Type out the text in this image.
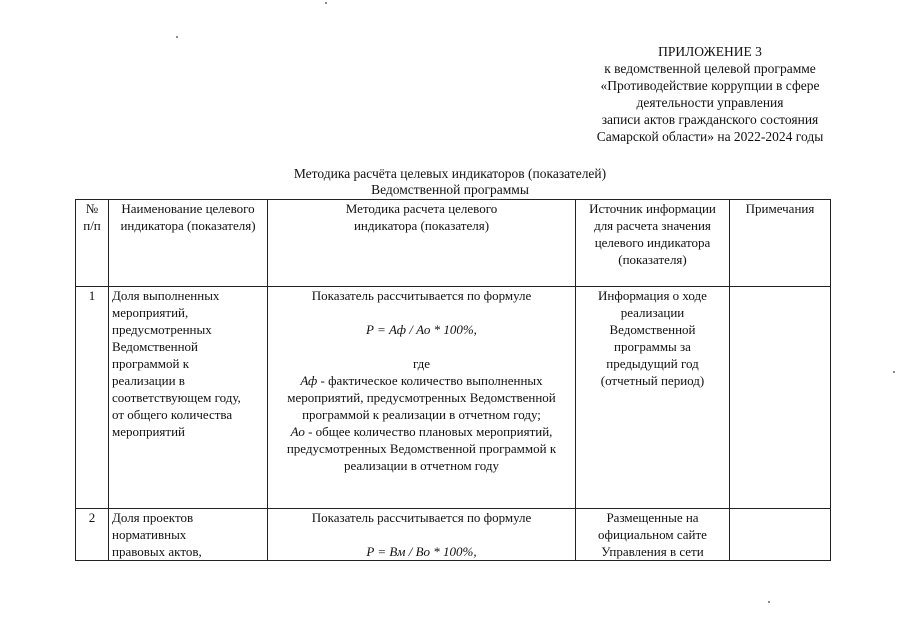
ПРИЛОЖЕНИЕ 3
к ведомственной целевой программе
«Противодействие коррупции в сфере
деятельности управления
записи актов гражданского состояния
Самарской области» на 2022-2024 годы
Методика расчёта целевых индикаторов (показателей)
Ведомственной программы
№ п/п	Наименование целевого индикатора (показателя)	Методика расчета целевого индикатора (показателя)	Источник информации для расчета значения целевого индикатора (показателя)	Примечания
1	Доля выполненных мероприятий, предусмотренных Ведомственной программой к реализации в соответствующем году, от общего количества мероприятий	Показатель рассчитывается по формуле
P = Аф / Ао * 100%,
где
Аф - фактическое количество выполненных мероприятий, предусмотренных Ведомственной программой к реализации в отчетном году;
Ао - общее количество плановых мероприятий, предусмотренных Ведомственной программой к реализации в отчетном году	Информация о ходе реализации Ведомственной программы за предыдущий год (отчетный период)	
2	Доля проектов нормативных правовых актов,	Показатель рассчитывается по формуле
P = Вм / Во * 100%,	Размещенные на официальном сайте Управления в сети	
